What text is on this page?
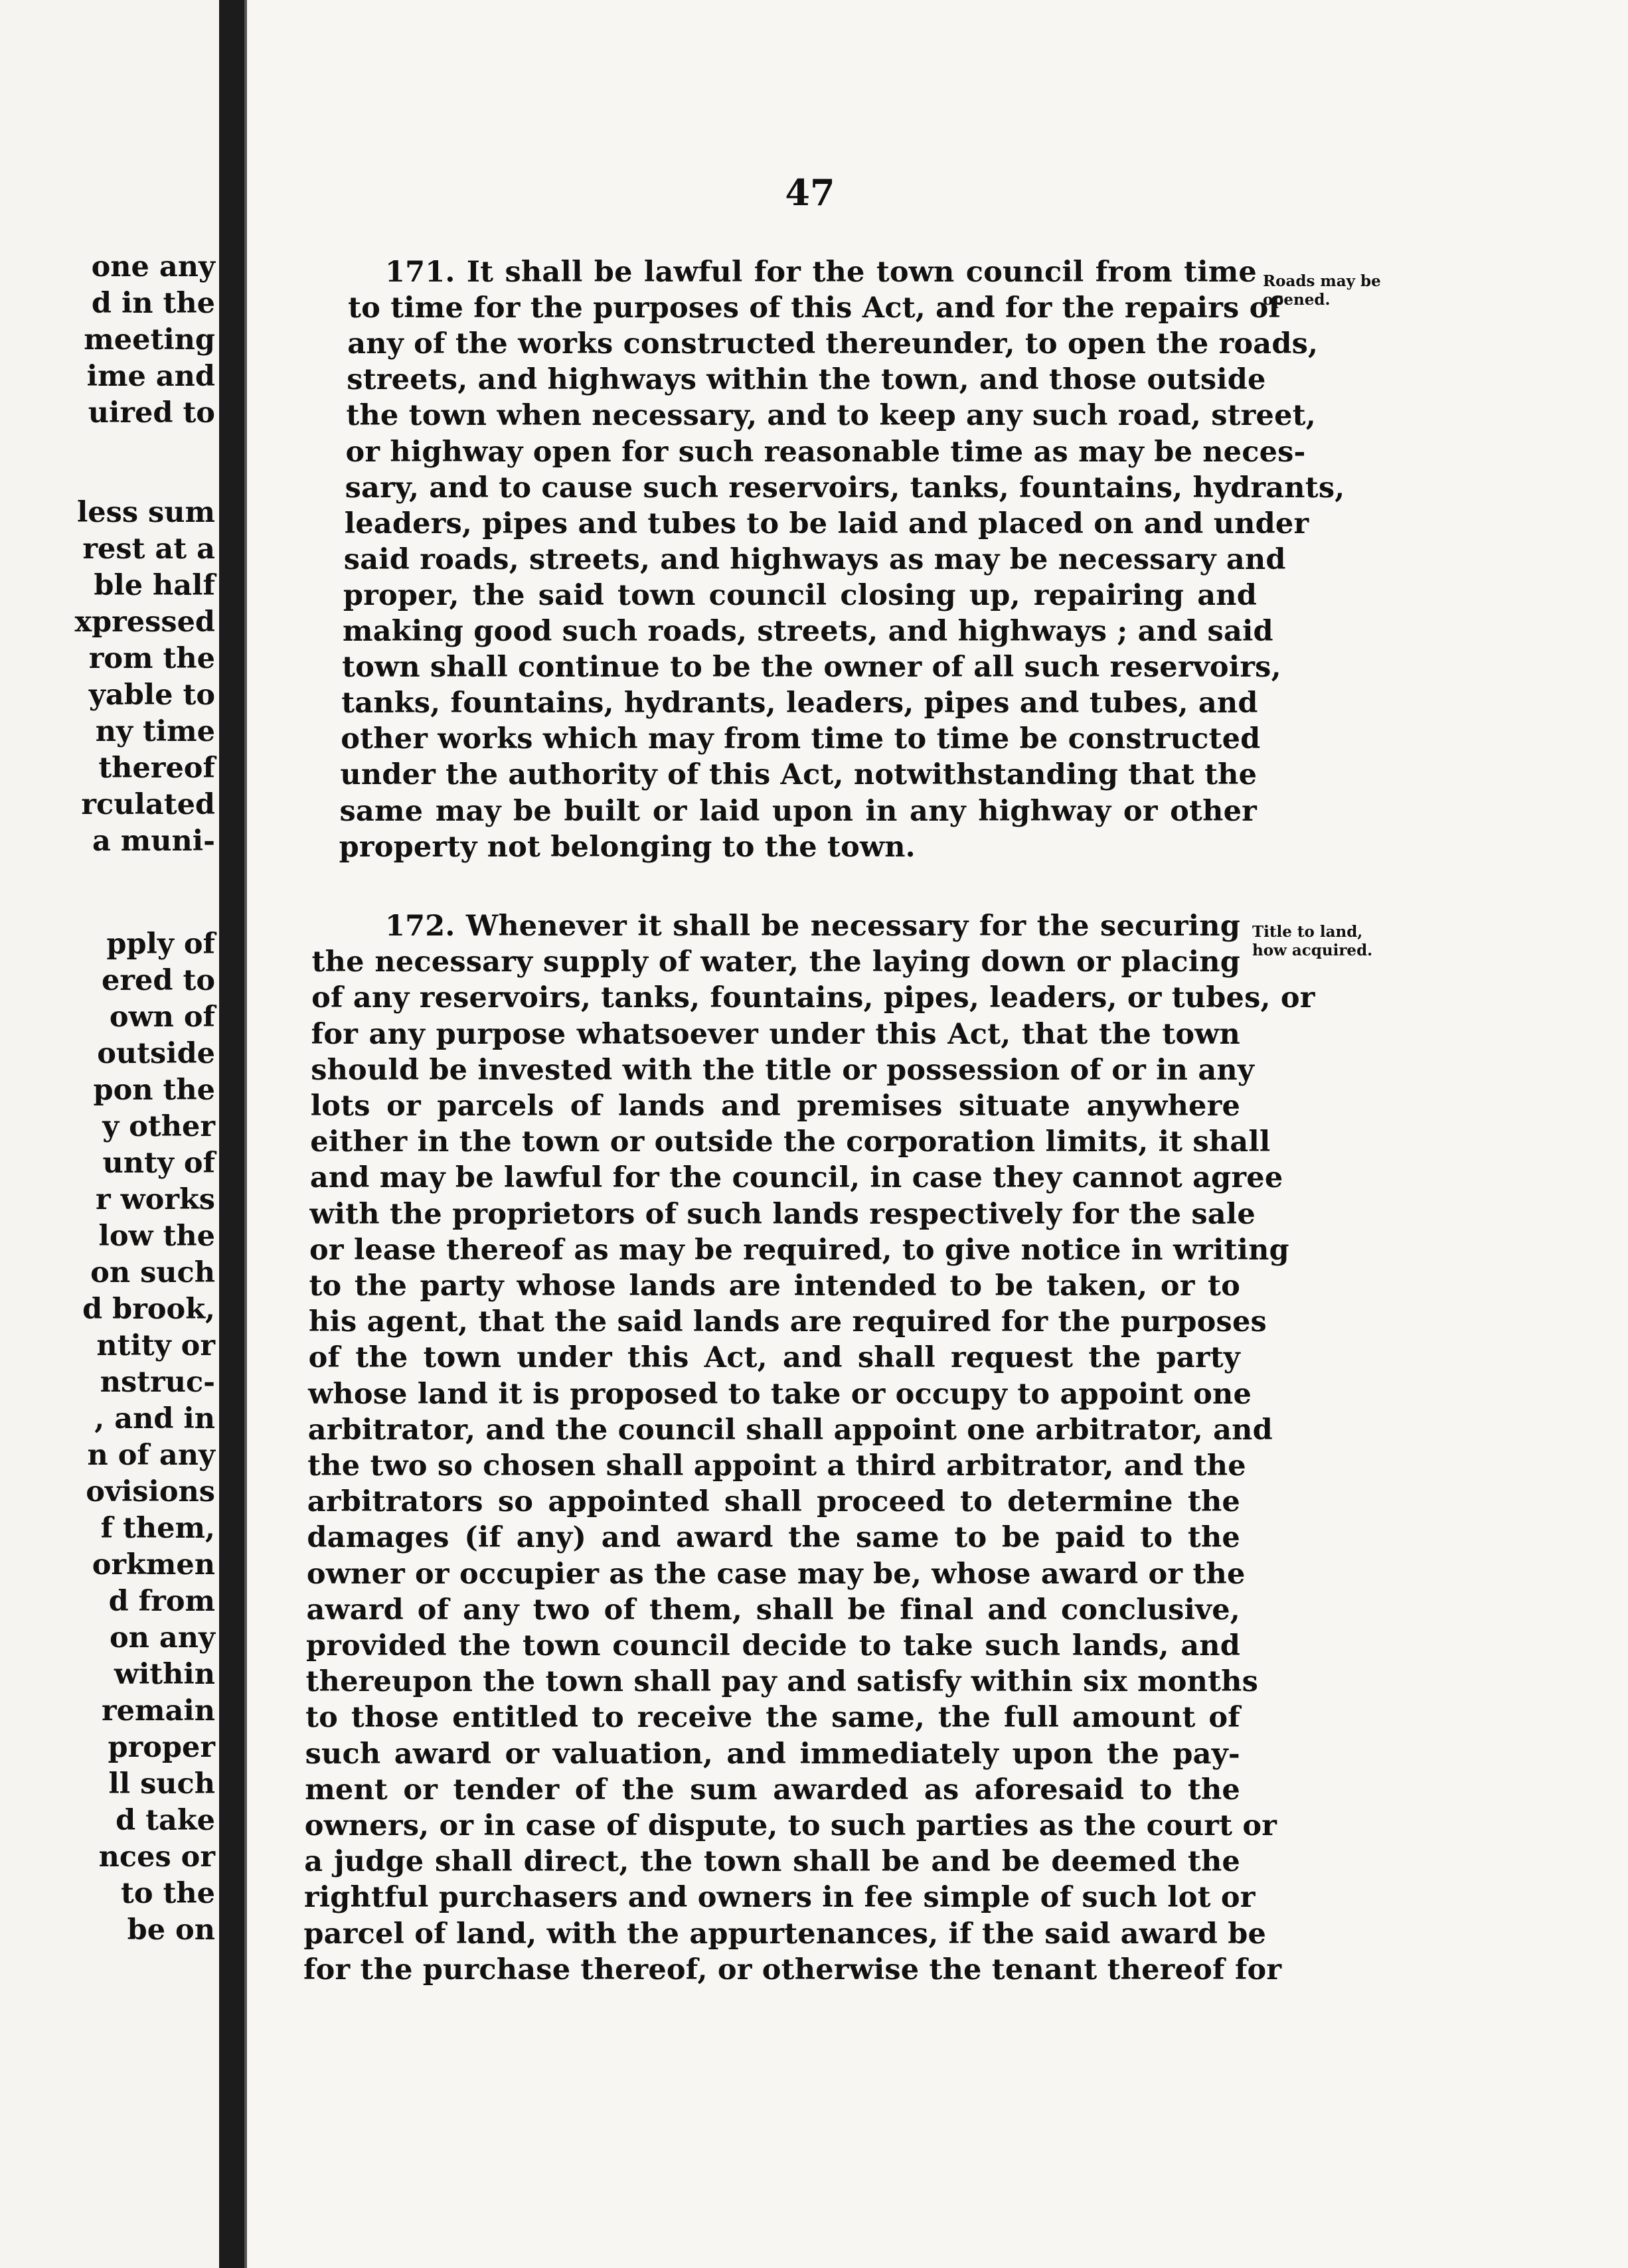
one any
d in the
meeting
ime and
uired to
less sum
rest at a
ble half
xpressed
rom the
yable to
ny time
thereof
rculated
a muni-
pply of
ered to
own of
outside
pon the
y other
unty of
r works
low the
on such
d brook,
ntity or
nstruc-
, and in
n of any
ovisions
f them,
orkmen
d from
on any
within
remain
proper
ll such
d take
nces or
to the
be on
47
171. It shall be lawful for the town council from time
to time for the purposes of this Act, and for the repairs of
any of the works constructed thereunder, to open the roads,
streets, and highways within the town, and those outside
the town when necessary, and to keep any such road, street,
or highway open for such reasonable time as may be neces-
sary, and to cause such reservoirs, tanks, fountains, hydrants,
leaders, pipes and tubes to be laid and placed on and under
said roads, streets, and highways as may be necessary and
proper, the said town council closing up, repairing and
making good such roads, streets, and highways ; and said
town shall continue to be the owner of all such reservoirs,
tanks, fountains, hydrants, leaders, pipes and tubes, and
other works which may from time to time be constructed
under the authority of this Act, notwithstanding that the
same may be built or laid upon in any highway or other
property not belonging to the town.
Roads may be
opened.
172. Whenever it shall be necessary for the securing
the necessary supply of water, the laying down or placing
of any reservoirs, tanks, fountains, pipes, leaders, or tubes, or
for any purpose whatsoever under this Act, that the town
should be invested with the title or possession of or in any
lots or parcels of lands and premises situate anywhere
either in the town or outside the corporation limits, it shall
and may be lawful for the council, in case they cannot agree
with the proprietors of such lands respectively for the sale
or lease thereof as may be required, to give notice in writing
to the party whose lands are intended to be taken, or to
his agent, that the said lands are required for the purposes
of the town under this Act, and shall request the party
whose land it is proposed to take or occupy to appoint one
arbitrator, and the council shall appoint one arbitrator, and
the two so chosen shall appoint a third arbitrator, and the
arbitrators so appointed shall proceed to determine the
damages (if any) and award the same to be paid to the
owner or occupier as the case may be, whose award or the
award of any two of them, shall be final and conclusive,
provided the town council decide to take such lands, and
thereupon the town shall pay and satisfy within six months
to those entitled to receive the same, the full amount of
such award or valuation, and immediately upon the pay-
ment or tender of the sum awarded as aforesaid to the
owners, or in case of dispute, to such parties as the court or
a judge shall direct, the town shall be and be deemed the
rightful purchasers and owners in fee simple of such lot or
parcel of land, with the appurtenances, if the said award be
for the purchase thereof, or otherwise the tenant thereof for
Title to land,
how acquired.
